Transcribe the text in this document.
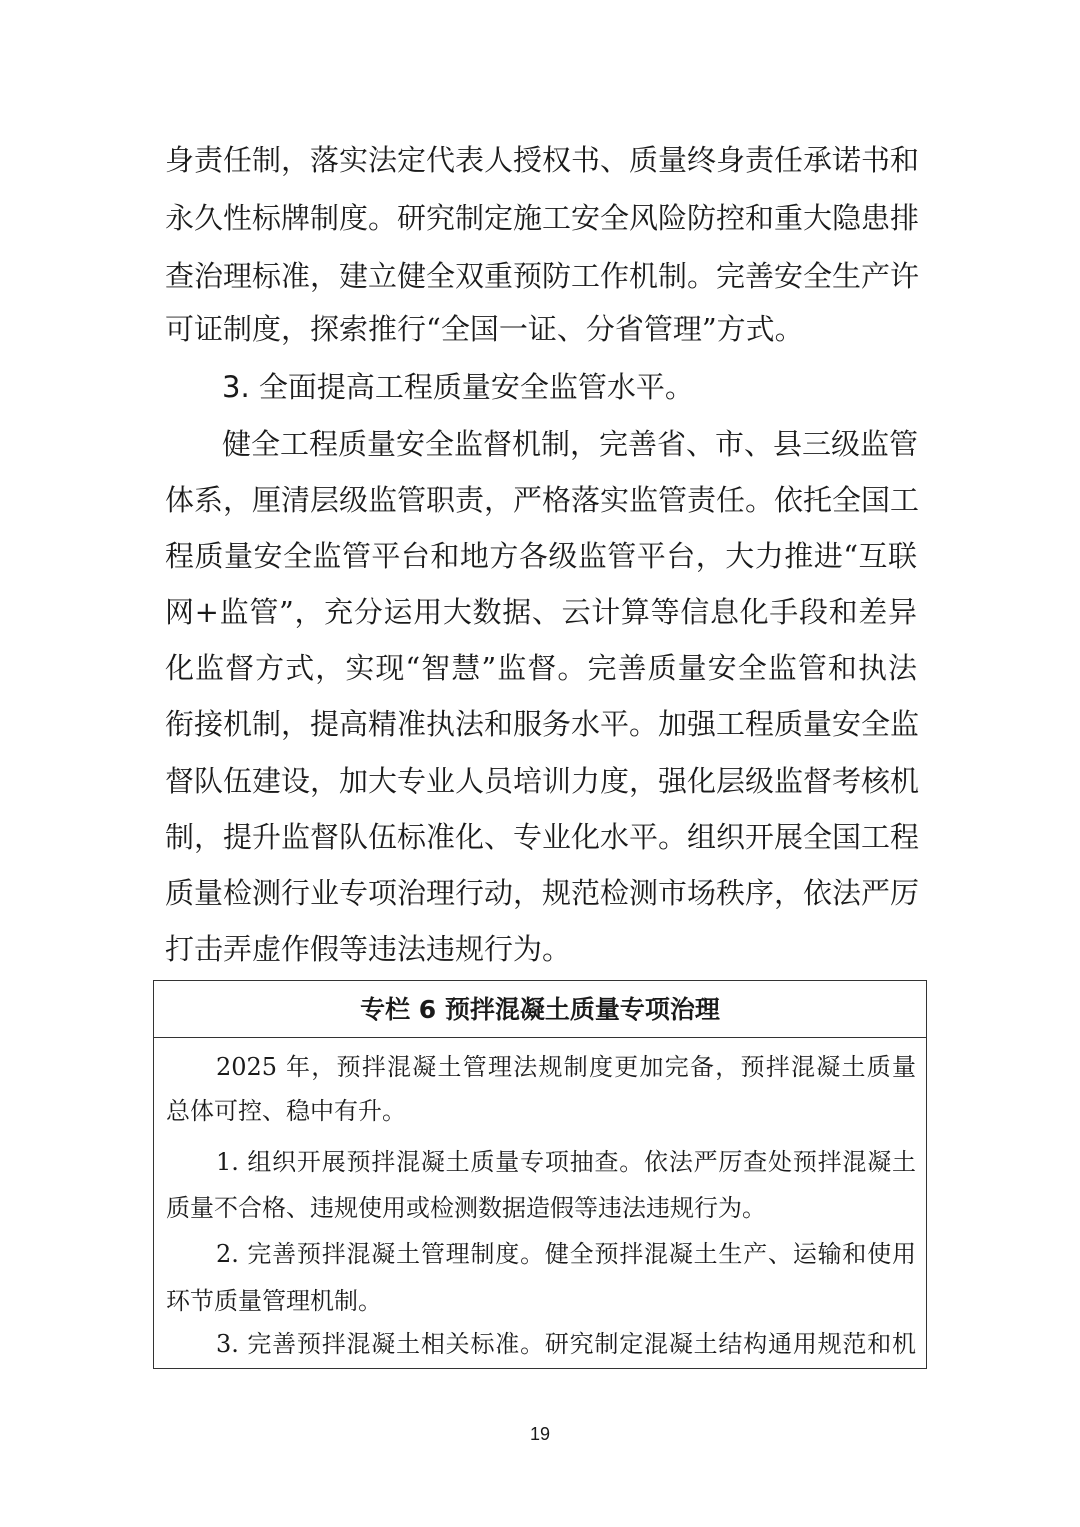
身责任制，落实法定代表人授权书、质量终身责任承诺书和
永久性标牌制度。研究制定施工安全风险防控和重大隐患排
查治理标准，建立健全双重预防工作机制。完善安全生产许
可证制度，探索推行“全国一证、分省管理”方式。
3. 全面提高工程质量安全监管水平。
健全工程质量安全监督机制，完善省、市、县三级监管
体系，厘清层级监管职责，严格落实监管责任。依托全国工
程质量安全监管平台和地方各级监管平台，大力推进“互联
网+监管”，充分运用大数据、云计算等信息化手段和差异
化监督方式，实现“智慧”监督。完善质量安全监管和执法
衔接机制，提高精准执法和服务水平。加强工程质量安全监
督队伍建设，加大专业人员培训力度，强化层级监督考核机
制，提升监督队伍标准化、专业化水平。组织开展全国工程
质量检测行业专项治理行动，规范检测市场秩序，依法严厉
打击弄虚作假等违法违规行为。
专栏 6 预拌混凝土质量专项治理
2025 年，预拌混凝土管理法规制度更加完备，预拌混凝土质量
总体可控、稳中有升。
1. 组织开展预拌混凝土质量专项抽查。依法严厉查处预拌混凝土
质量不合格、违规使用或检测数据造假等违法违规行为。
2. 完善预拌混凝土管理制度。健全预拌混凝土生产、运输和使用
环节质量管理机制。
3. 完善预拌混凝土相关标准。研究制定混凝土结构通用规范和机
19
